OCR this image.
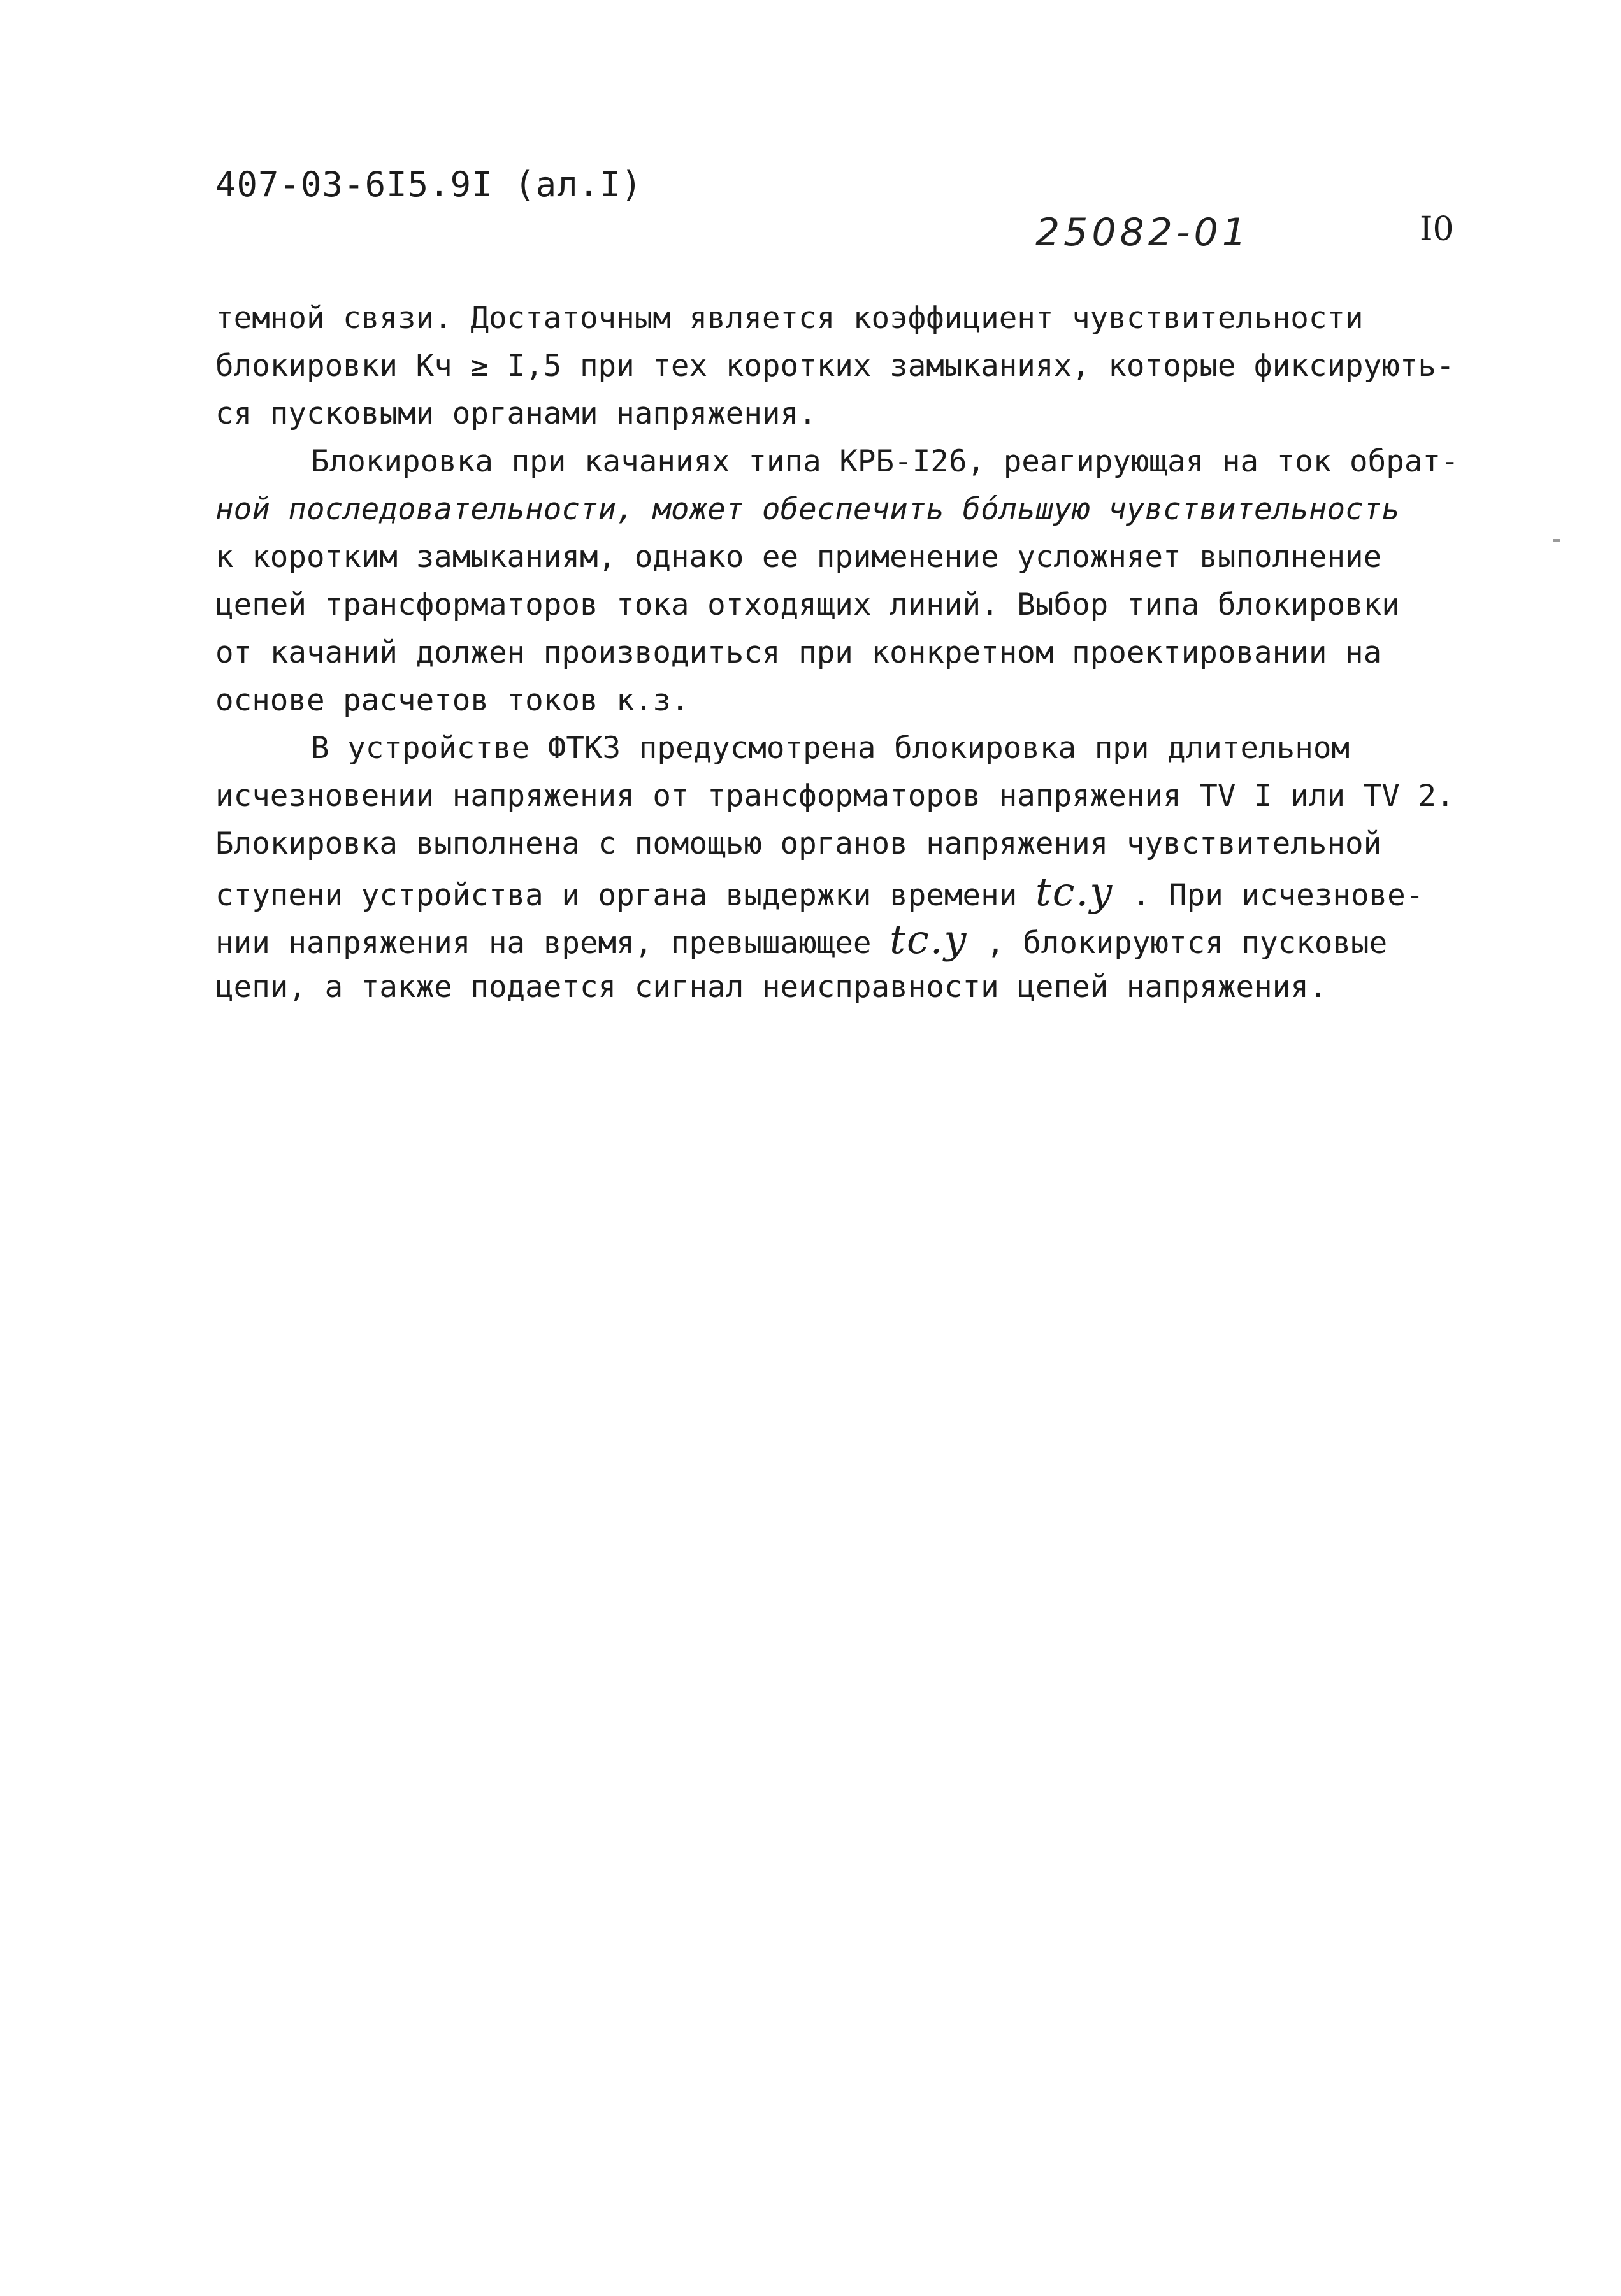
407-03-6I5.9I (ал.I)
25082-01	I0
темной связи. Достаточным является коэффициент чувствительности
блокировки Кч ≥ I,5 при тех коротких замыканиях, которые фиксирують-
ся пусковыми органами напряжения.
Блокировка при качаниях типа КРБ-I26, реагирующая на ток обрат-
ной последовательности, может обеспечить бóльшую чувствительность
к коротким замыканиям, однако ее применение усложняет выполнение
цепей трансформаторов тока отходящих линий. Выбор типа блокировки
от качаний должен производиться при конкретном проектировании на
основе расчетов токов к.з.
В устройстве ФТКЗ предусмотрена блокировка при длительном
исчезновении напряжения от трансформаторов напряжения TV I или TV 2.
Блокировка выполнена с помощью органов напряжения чувствительной
ступени устройства и органа выдержки времени tс.у . При исчезнове-
нии напряжения на время, превышающее tс.у , блокируются пусковые
цепи, а также подается сигнал неисправности цепей напряжения.
